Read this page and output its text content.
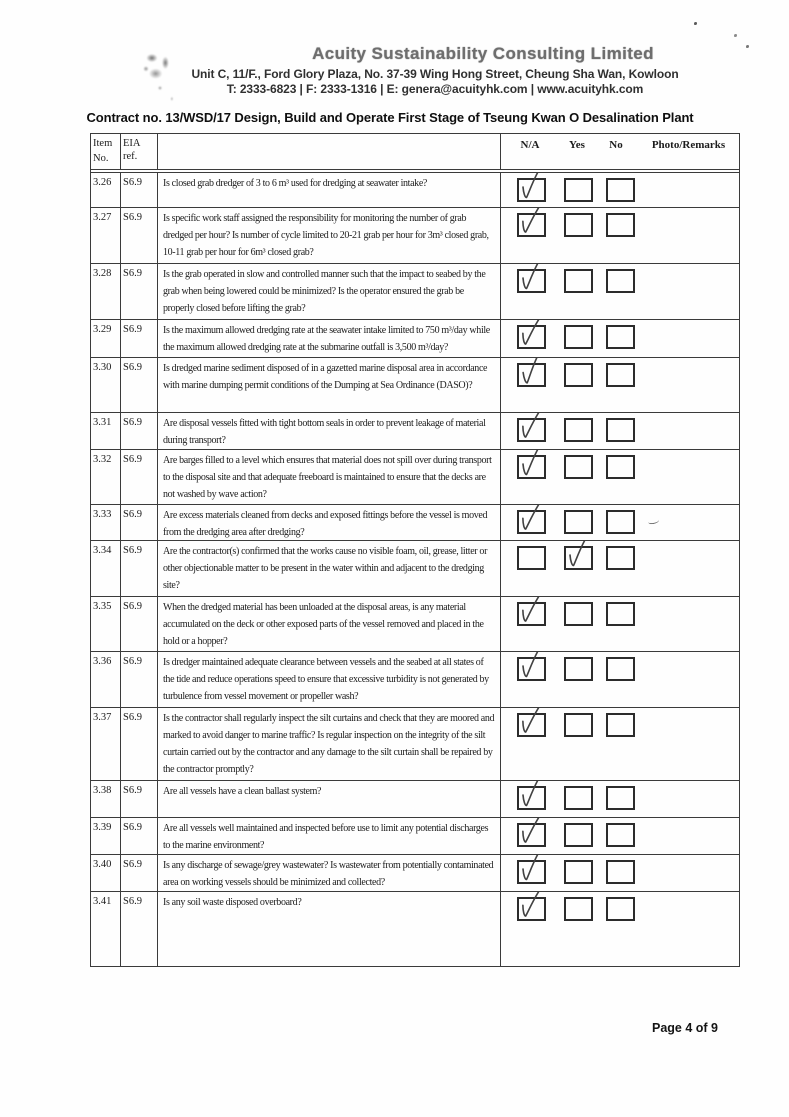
Acuity Sustainability Consulting Limited
Unit C, 11/F., Ford Glory Plaza, No. 37-39 Wing Hong Street, Cheung Sha Wan, Kowloon
T: 2333-6823 | F: 2333-1316 | E: genera@acuityhk.com | www.acuityhk.com
Contract no. 13/WSD/17 Design, Build and Operate First Stage of Tseung Kwan O Desalination Plant
Item No.
EIA ref.
N/A	Yes	No	Photo/Remarks
3.26	S6.9	Is closed grab dredger of 3 to 6 m³ used for dredging at seawater intake?
3.27	S6.9	Is specific work staff assigned the responsibility for monitoring the number of grab dredged per hour? Is number of cycle limited to 20-21 grab per hour for 3m³ closed grab, 10-11 grab per hour for 6m³ closed grab?
3.28	S6.9	Is the grab operated in slow and controlled manner such that the impact to seabed by the grab when being lowered could be minimized? Is the operator ensured the grab be properly closed before lifting the grab?
3.29	S6.9	Is the maximum allowed dredging rate at the seawater intake limited to 750 m³/day while the maximum allowed dredging rate at the submarine outfall is 3,500 m³/day?
3.30	S6.9	Is dredged marine sediment disposed of in a gazetted marine disposal area in accordance with marine dumping permit conditions of the Dumping at Sea Ordinance (DASO)?
3.31	S6.9	Are disposal vessels fitted with tight bottom seals in order to prevent leakage of material during transport?
3.32	S6.9	Are barges filled to a level which ensures that material does not spill over during transport to the disposal site and that adequate freeboard is maintained to ensure that the decks are not washed by wave action?
3.33	S6.9	Are excess materials cleaned from decks and exposed fittings before the vessel is moved from the dredging area after dredging?
3.34	S6.9	Are the contractor(s) confirmed that the works cause no visible foam, oil, grease, litter or other objectionable matter to be present in the water within and adjacent to the dredging site?
3.35	S6.9	When the dredged material has been unloaded at the disposal areas, is any material accumulated on the deck or other exposed parts of the vessel removed and placed in the hold or a hopper?
3.36	S6.9	Is dredger maintained adequate clearance between vessels and the seabed at all states of the tide and reduce operations speed to ensure that excessive turbidity is not generated by turbulence from vessel movement or propeller wash?
3.37	S6.9	Is the contractor shall regularly inspect the silt curtains and check that they are moored and marked to avoid danger to marine traffic? Is regular inspection on the integrity of the silt curtain carried out by the contractor and any damage to the silt curtain shall be repaired by the contractor promptly?
3.38	S6.9	Are all vessels have a clean ballast system?
3.39	S6.9	Are all vessels well maintained and inspected before use to limit any potential discharges to the marine environment?
3.40	S6.9	Is any discharge of sewage/grey wastewater? Is wastewater from potentially contaminated area on working vessels should be minimized and collected?
3.41	S6.9	Is any soil waste disposed overboard?
Page 4 of 9
